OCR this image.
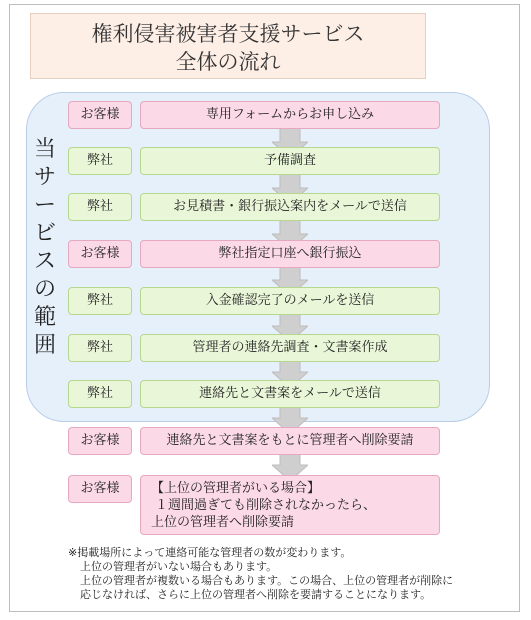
権利侵害被害者支援サービス
全体の流れ
当
サ
ー
ビ
ス
の
範
囲
お客様	専用フォームからお申し込み
弊社	予備調査
弊社	お見積書・銀行振込案内をメールで送信
お客様	弊社指定口座へ銀行振込
弊社	入金確認完了のメールを送信
弊社	管理者の連絡先調査・文書案作成
弊社	連絡先と文書案をメールで送信
お客様	連絡先と文書案をもとに管理者へ削除要請
お客様	【上位の管理者がいる場合】
１週間過ぎても削除されなかったら、
上位の管理者へ削除要請
※掲載場所によって連絡可能な管理者の数が変わります。
上位の管理者がいない場合もあります。
上位の管理者が複数いる場合もあります。この場合、上位の管理者が削除に
応じなければ、さらに上位の管理者へ削除を要請することになります。
